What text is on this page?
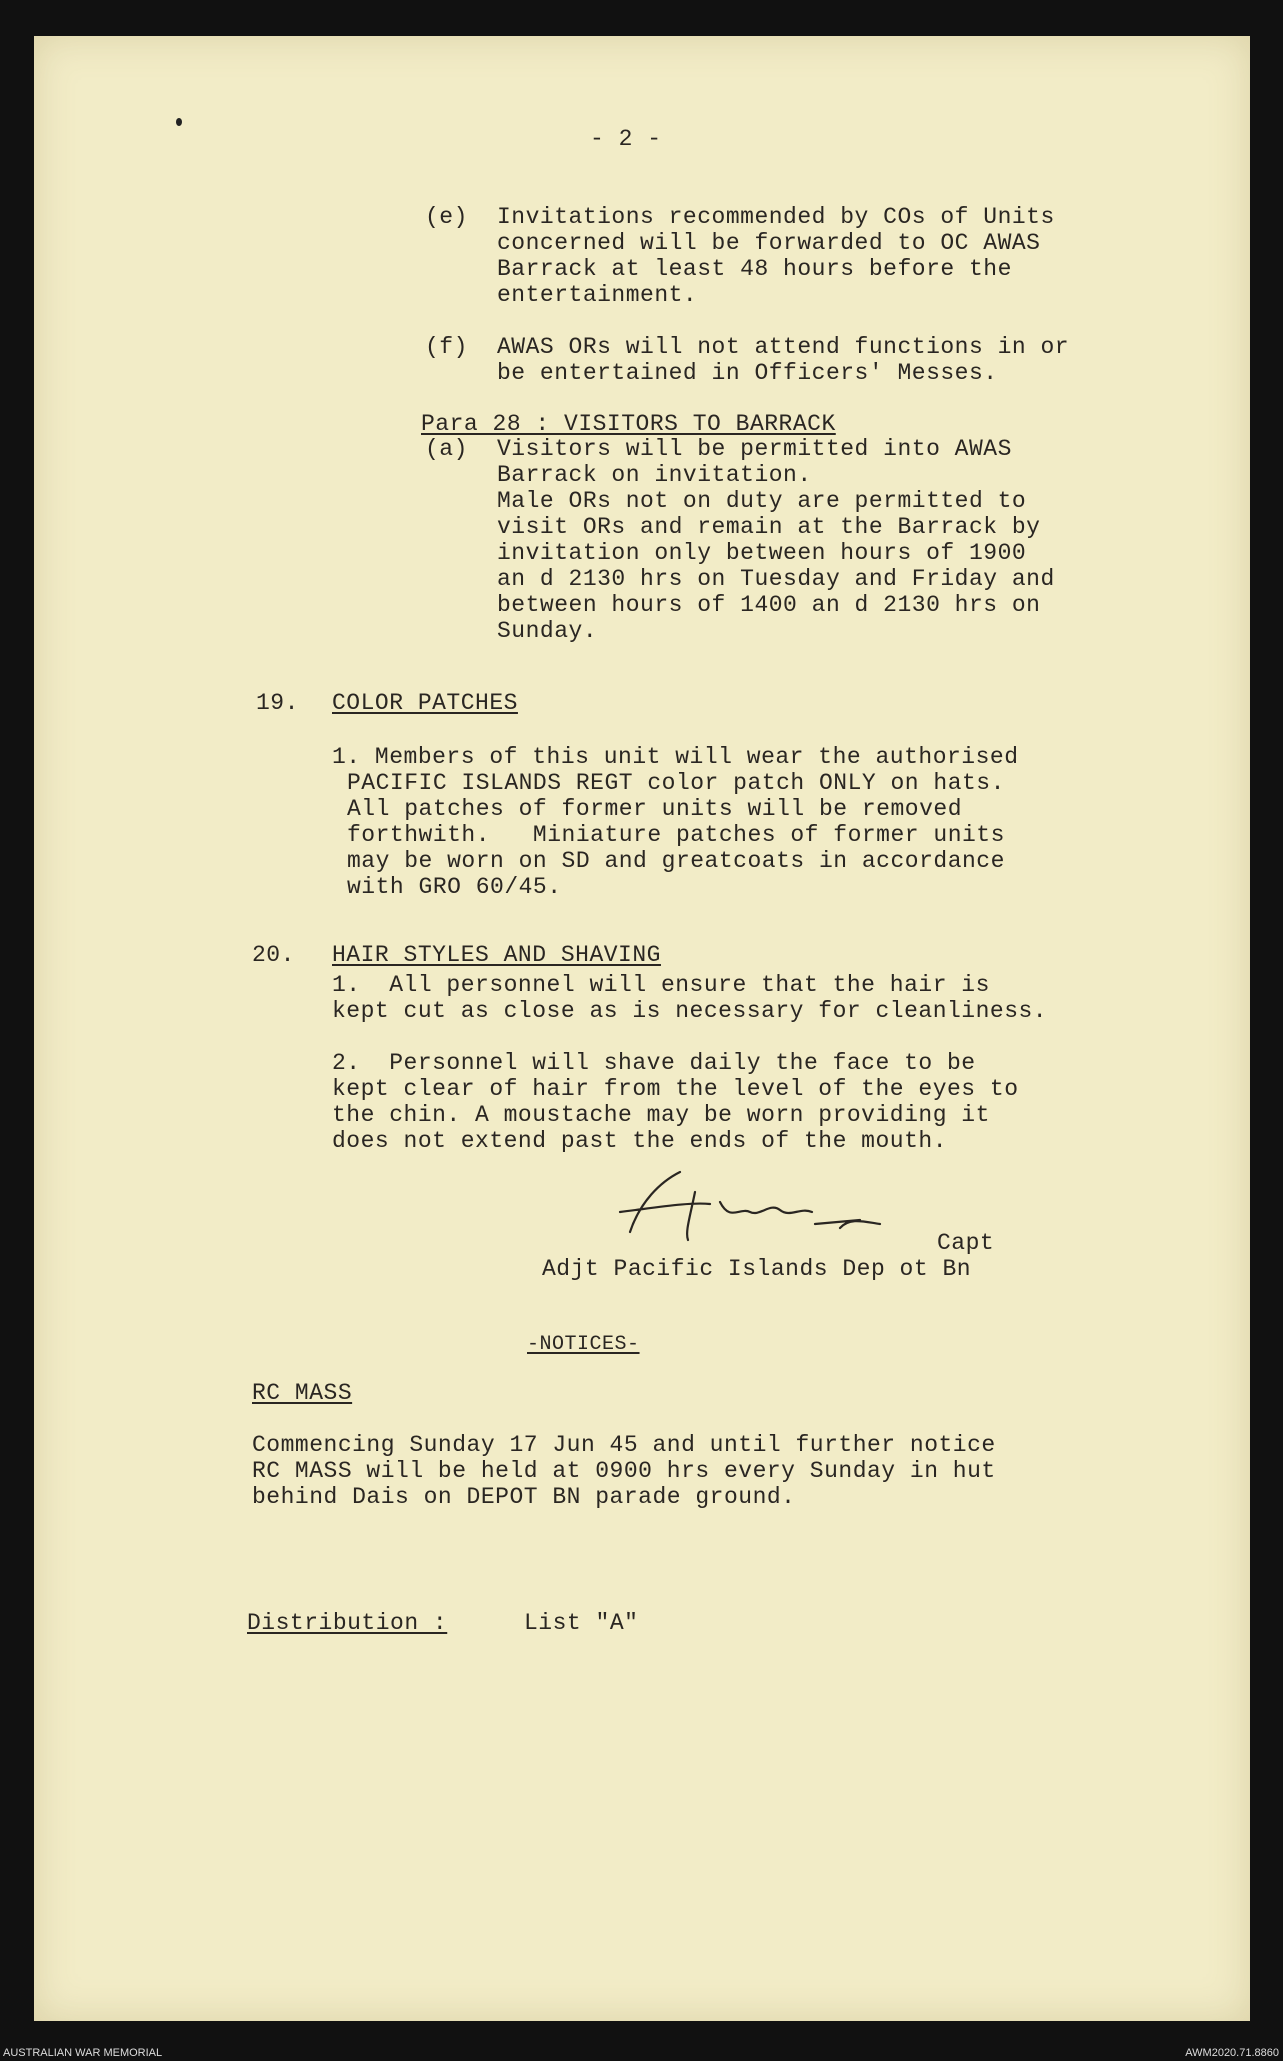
- 2 -
(e) Invitations recommended by COs of Units
concerned will be forwarded to OC AWAS
Barrack at least 48 hours before the
entertainment.
(f) AWAS ORs will not attend functions in or
be entertained in Officers' Messes.
Para 28 : VISITORS TO BARRACK
(a) Visitors will be permitted into AWAS
Barrack on invitation.
Male ORs not on duty are permitted to
visit ORs and remain at the Barrack by
invitation only between hours of 1900
an d 2130 hrs on Tuesday and Friday and
between hours of 1400 an d 2130 hrs on
Sunday.
19. COLOR PATCHES
1. Members of this unit will wear the authorised
PACIFIC ISLANDS REGT color patch ONLY on hats.
All patches of former units will be removed
forthwith.   Miniature patches of former units
may be worn on SD and greatcoats in accordance
with GRO 60/45.
20. HAIR STYLES AND SHAVING
1.  All personnel will ensure that the hair is
kept cut as close as is necessary for cleanliness.
2.  Personnel will shave daily the face to be
kept clear of hair from the level of the eyes to
the chin. A moustache may be worn providing it
does not extend past the ends of the mouth.
Capt
Adjt Pacific Islands Dep ot Bn
-NOTICES-
RC MASS
Commencing Sunday 17 Jun 45 and until further notice
RC MASS will be held at 0900 hrs every Sunday in hut
behind Dais on DEPOT BN parade ground.
Distribution :	List "A"
AUSTRALIAN WAR MEMORIAL	AWM2020.71.8860
